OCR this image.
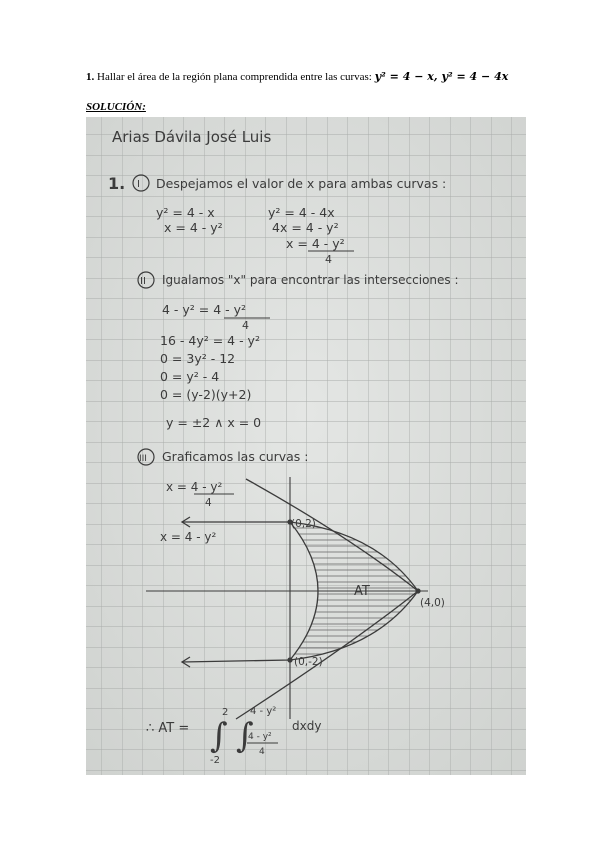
1. Hallar el área de la región plana comprendida entre las curvas: y² = 4 − x, y² = 4 − 4x
SOLUCIÓN:
Arias Dávila José Luis
1. I Despejamos el valor de x para ambas curvas :
y² = 4 - x
x = 4 - y²
y² = 4 - 4x
4x = 4 - y²
x = 4 - y²
4
II Igualamos "x" para encontrar las intersecciones :
4 - y² = 4 - y²
4
16 - 4y² = 4 - y²
0 = 3y² - 12
0 = y² - 4
0 = (y-2)(y+2)
y = ±2 ∧ x = 0
III Graficamos las curvas :
x = 4 - y²
4
x = 4 - y²
(0,2)
(0,-2)
(4,0)
AT
∴ AT = ∫
2
-2
∫
4 - y²
4 - y²
4
dxdy
